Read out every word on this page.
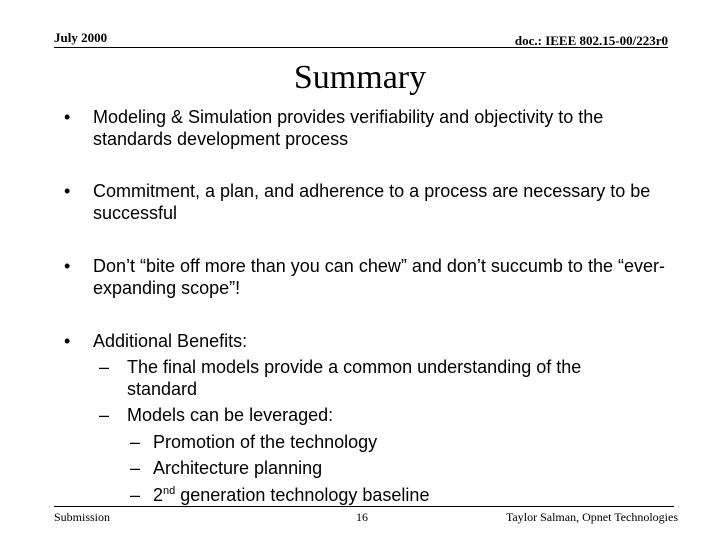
July 2000	doc.: IEEE 802.15-00/223r0
Summary
• Modeling & Simulation provides verifiability and objectivity to the standards development process
• Commitment, a plan, and adherence to a process are necessary to be successful
• Don’t “bite off more than you can chew” and don’t succumb to the “ever-expanding scope”!
• Additional Benefits:
– The final models provide a common understanding of the standard
– Models can be leveraged:
– Promotion of the technology
– Architecture planning
– 2nd generation technology baseline
Submission	16	Taylor Salman, Opnet Technologies
